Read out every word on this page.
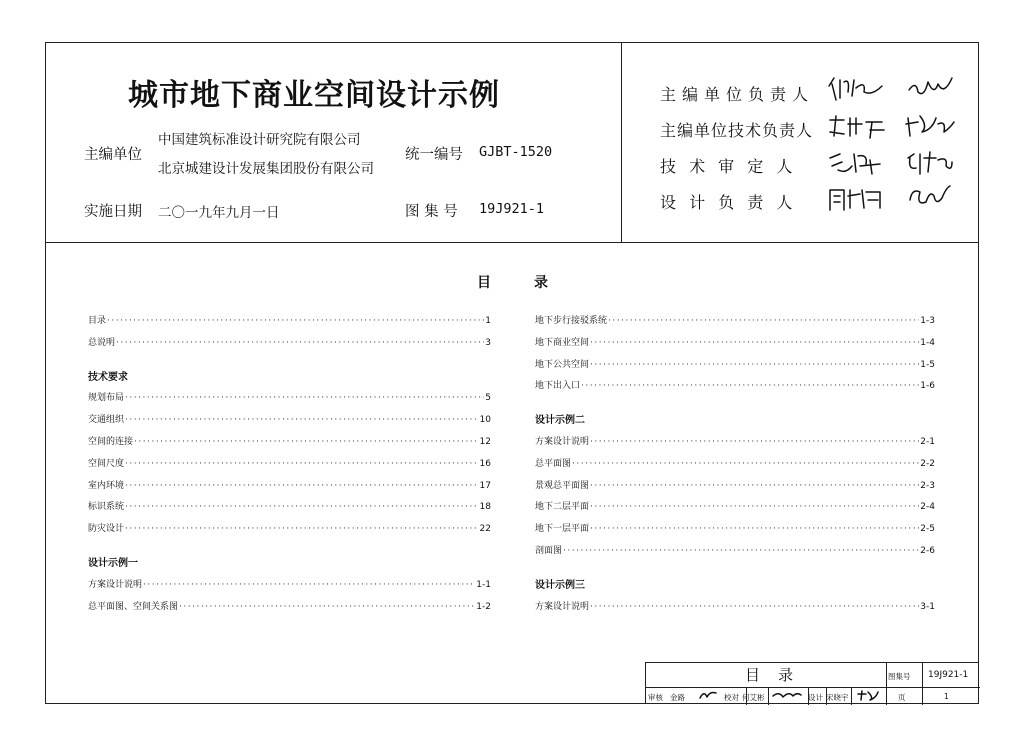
城市地下商业空间设计示例
主编单位
中国建筑标准设计研究院有限公司
北京城建设计发展集团股份有限公司
统一编号 GJBT-1520
实施日期 二〇一九年九月一日	图 集 号 19J921-1
主编单位负责人
主编单位技术负责人
技 术 审 定 人
设 计 负 责 人
目	录
目录 ·····	1
总说明 ·····	3
技术要求
规划布局 ·····	5
交通组织 ·····	10
空间的连接 ·····	12
空间尺度 ·····	16
室内环境 ·····	17
标识系统 ·····	18
防灾设计 ·····	22
设计示例一
方案设计说明 ·····	1-1
总平面图、空间关系图 ·····	1-2
地下步行接驳系统 ·····	1-3
地下商业空间 ·····	1-4
地下公共空间 ·····	1-5
地下出入口 ·····	1-6
设计示例二
方案设计说明 ·····	2-1
总平面图 ·····	2-2
景观总平面图 ·····	2-3
地下二层平面 ·····	2-4
地下一层平面 ·····	2-5
剖面图 ·····	2-6
设计示例三
方案设计说明 ·····	3-1
目录	图集号 19J921-1
审核 金路	校对 何艾彬	设计 宋晓宇	页	1
